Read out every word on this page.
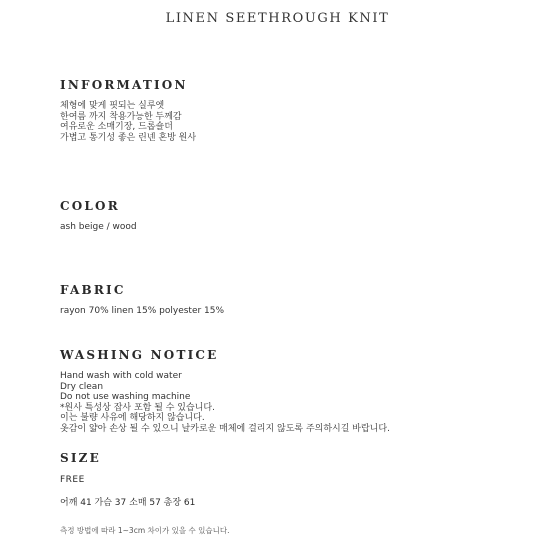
LINEN SEETHROUGH KNIT
INFORMATION
체형에 맞게 핏되는 실루엣
한여름 까지 착용가능한 두께감
여유로운 소매기장, 드롭숄더
가볍고 통기성 좋은 린넨 혼방 원사
COLOR
ash beige / wood
FABRIC
rayon 70% linen 15% polyester 15%
WASHING NOTICE
Hand wash with cold water
Dry clean
Do not use washing machine
*원사 특성상 잡사 포함 될 수 있습니다.
이는 불량 사유에 해당하지 않습니다.
옷감이 얇아 손상 될 수 있으니 날카로운 매체에 걸리지 않도록 주의하시길 바랍니다.
SIZE
FREE
어깨 41 가슴 37 소매 57 총장 61
측정 방법에 따라 1~3cm 차이가 있을 수 있습니다.
